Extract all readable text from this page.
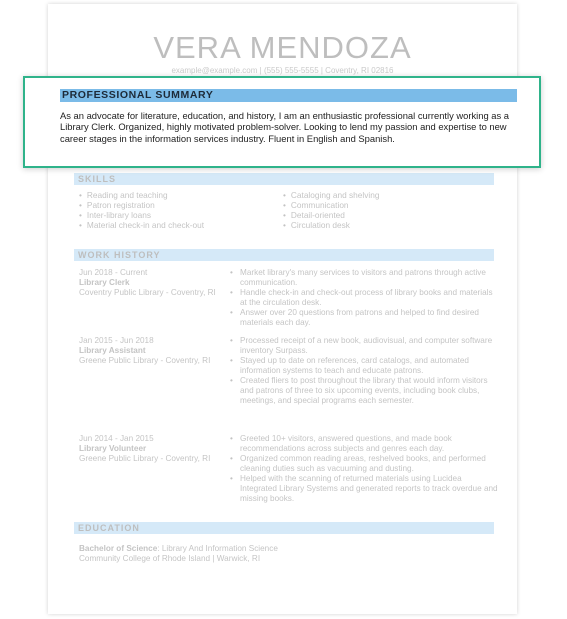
VERA MENDOZA
example@example.com | (555) 555-5555 | Coventry, RI 02816
SKILLS
• Reading and teaching
• Patron registration
• Inter-library loans
• Material check-in and check-out
• Cataloging and shelving
• Communication
• Detail-oriented
• Circulation desk
WORK HISTORY
Jun 2018 - Current
Library Clerk
Coventry Public Library - Coventry, RI
• Market library's many services to visitors and patrons through active communication.
• Handle check-in and check-out process of library books and materials at the circulation desk.
• Answer over 20 questions from patrons and helped to find desired materials each day.
Jan 2015 - Jun 2018
Library Assistant
Greene Public Library - Coventry, RI
• Processed receipt of a new book, audiovisual, and computer software inventory Surpass.
• Stayed up to date on references, card catalogs, and automated information systems to teach and educate patrons.
• Created fliers to post throughout the library that would inform visitors and patrons of three to six upcoming events, including book clubs, meetings, and special programs each semester.
Jun 2014 - Jan 2015
Library Volunteer
Greene Public Library - Coventry, RI
• Greeted 10+ visitors, answered questions, and made book recommendations across subjects and genres each day.
• Organized common reading areas, reshelved books, and performed cleaning duties such as vacuuming and dusting.
• Helped with the scanning of returned materials using Lucidea Integrated Library Systems and generated reports to track overdue and missing books.
EDUCATION
Bachelor of Science: Library And Information Science
Community College of Rhode Island | Warwick, RI
PROFESSIONAL SUMMARY
As an advocate for literature, education, and history, I am an enthusiastic professional currently working as a Library Clerk. Organized, highly motivated problem-solver. Looking to lend my passion and expertise to new career stages in the information services industry. Fluent in English and Spanish.
